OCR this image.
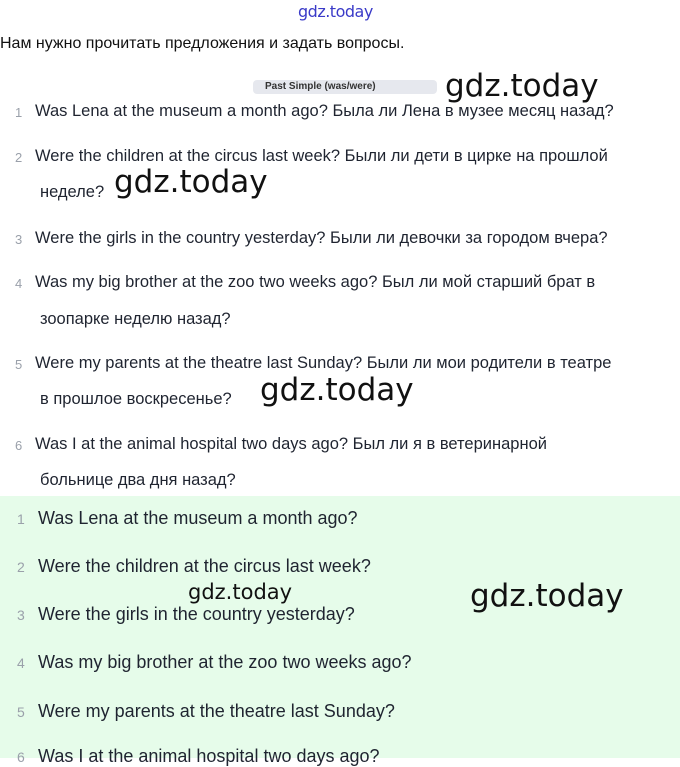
gdz.today
Нам нужно прочитать предложения и задать вопросы.
Past Simple (was/were)
1 Was Lena at the museum a month ago? Была ли Лена в музее месяц назад?
2 Were the children at the circus last week? Были ли дети в цирке на прошлой
неделе?
3 Were the girls in the country yesterday? Были ли девочки за городом вчера?
4 Was my big brother at the zoo two weeks ago? Был ли мой старший брат в
зоопарке неделю назад?
5 Were my parents at the theatre last Sunday? Были ли мои родители в театре
в прошлое воскресенье?
6 Was I at the animal hospital two days ago? Был ли я в ветеринарной
больнице два дня назад?
1 Was Lena at the museum a month ago?
2 Were the children at the circus last week?
3 Were the girls in the country yesterday?
4 Was my big brother at the zoo two weeks ago?
5 Were my parents at the theatre last Sunday?
6 Was I at the animal hospital two days ago?
gdz.today
gdz.today
gdz.today
gdz.today	gdz.today
